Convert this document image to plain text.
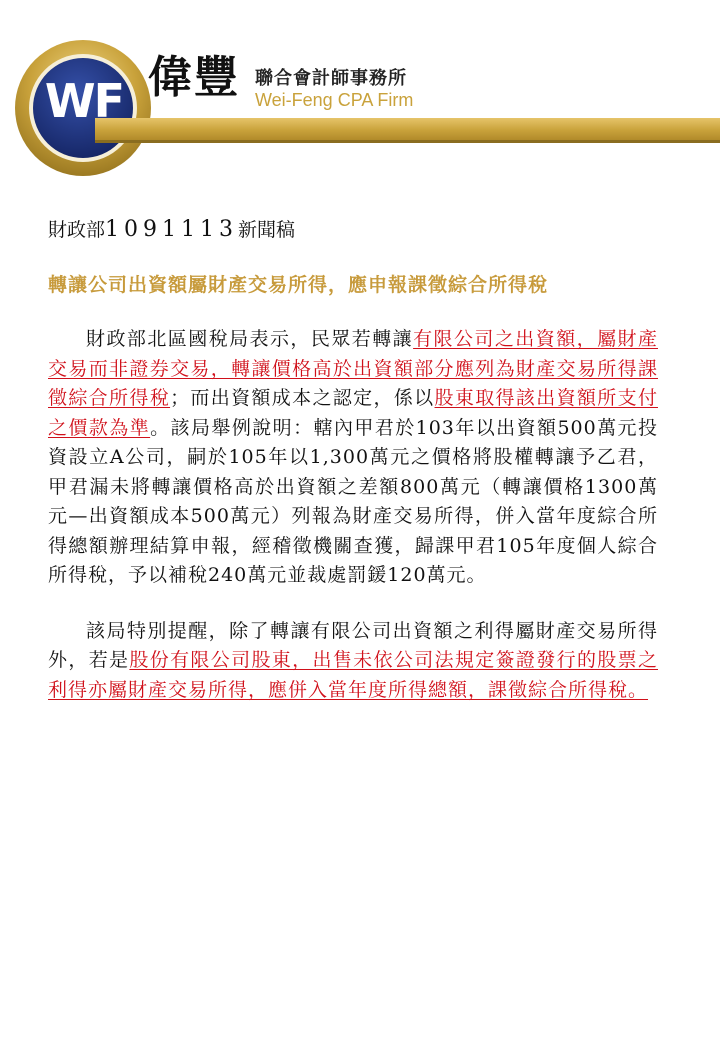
WF 偉豐 聯合會計師事務所
Wei-Feng CPA Firm

財政部1091113新聞稿

轉讓公司出資額屬財產交易所得，應申報課徵綜合所得稅

財政部北區國稅局表示，民眾若轉讓有限公司之出資額，屬財產交易而非證券交易，轉讓價格高於出資額部分應列為財產交易所得課徵綜合所得稅；而出資額成本之認定，係以股東取得該出資額所支付之價款為準。該局舉例說明：轄內甲君於103年以出資額500萬元投資設立A公司，嗣於105年以1,300萬元之價格將股權轉讓予乙君，甲君漏未將轉讓價格高於出資額之差額800萬元（轉讓價格1300萬元—出資額成本500萬元）列報為財產交易所得，併入當年度綜合所得總額辦理結算申報，經稽徵機關查獲，歸課甲君105年度個人綜合所得稅，予以補稅240萬元並裁處罰鍰120萬元。

該局特別提醒，除了轉讓有限公司出資額之利得屬財產交易所得外，若是股份有限公司股東，出售未依公司法規定簽證發行的股票之利得亦屬財產交易所得，應併入當年度所得總額，課徵綜合所得稅。
